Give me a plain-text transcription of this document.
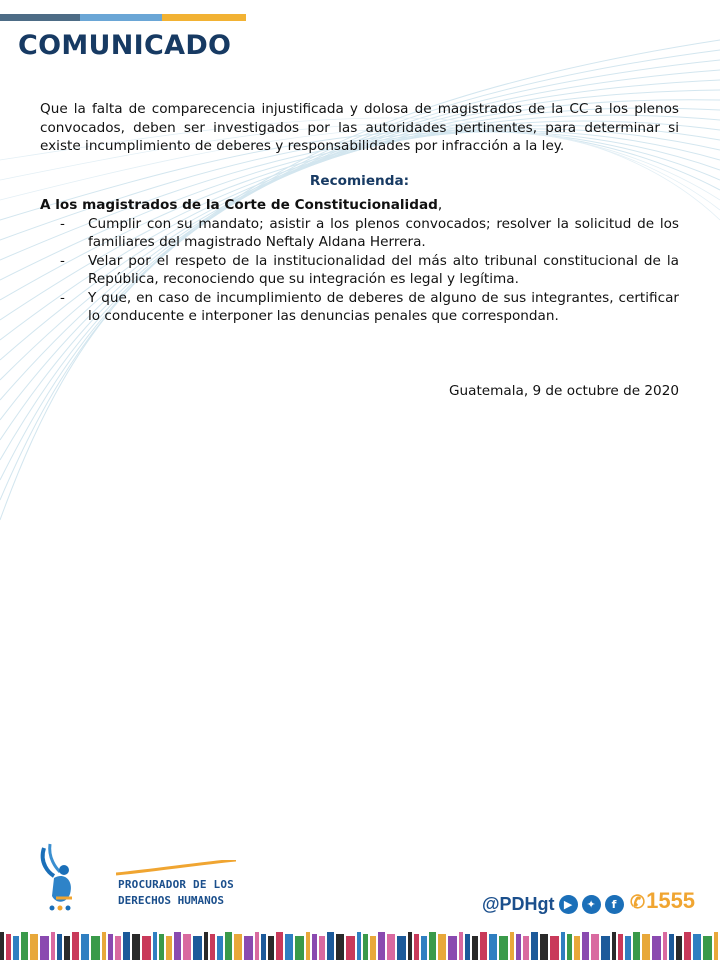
COMUNICADO

Que la falta de comparecencia injustificada y dolosa de magistrados de la CC a los plenos convocados, deben ser investigados por las autoridades pertinentes, para determinar si existe incumplimiento de deberes y responsabilidades por infracción a la ley.

Recomienda:

A los magistrados de la Corte de Constitucionalidad,

- Cumplir con su mandato; asistir a los plenos convocados; resolver la solicitud de los familiares del magistrado Neftaly Aldana Herrera.
- Velar por el respeto de la institucionalidad del más alto tribunal constitucional de la República, reconociendo que su integración es legal y legítima.
- Y que, en caso de incumplimiento de deberes de alguno de sus integrantes, certificar lo conducente e interponer las denuncias penales que correspondan.
Guatemala, 9 de octubre de 2020
PROCURADOR DE LOS
DERECHOS HUMANOS	@PDHgt ▶	✦	f ✆1555
